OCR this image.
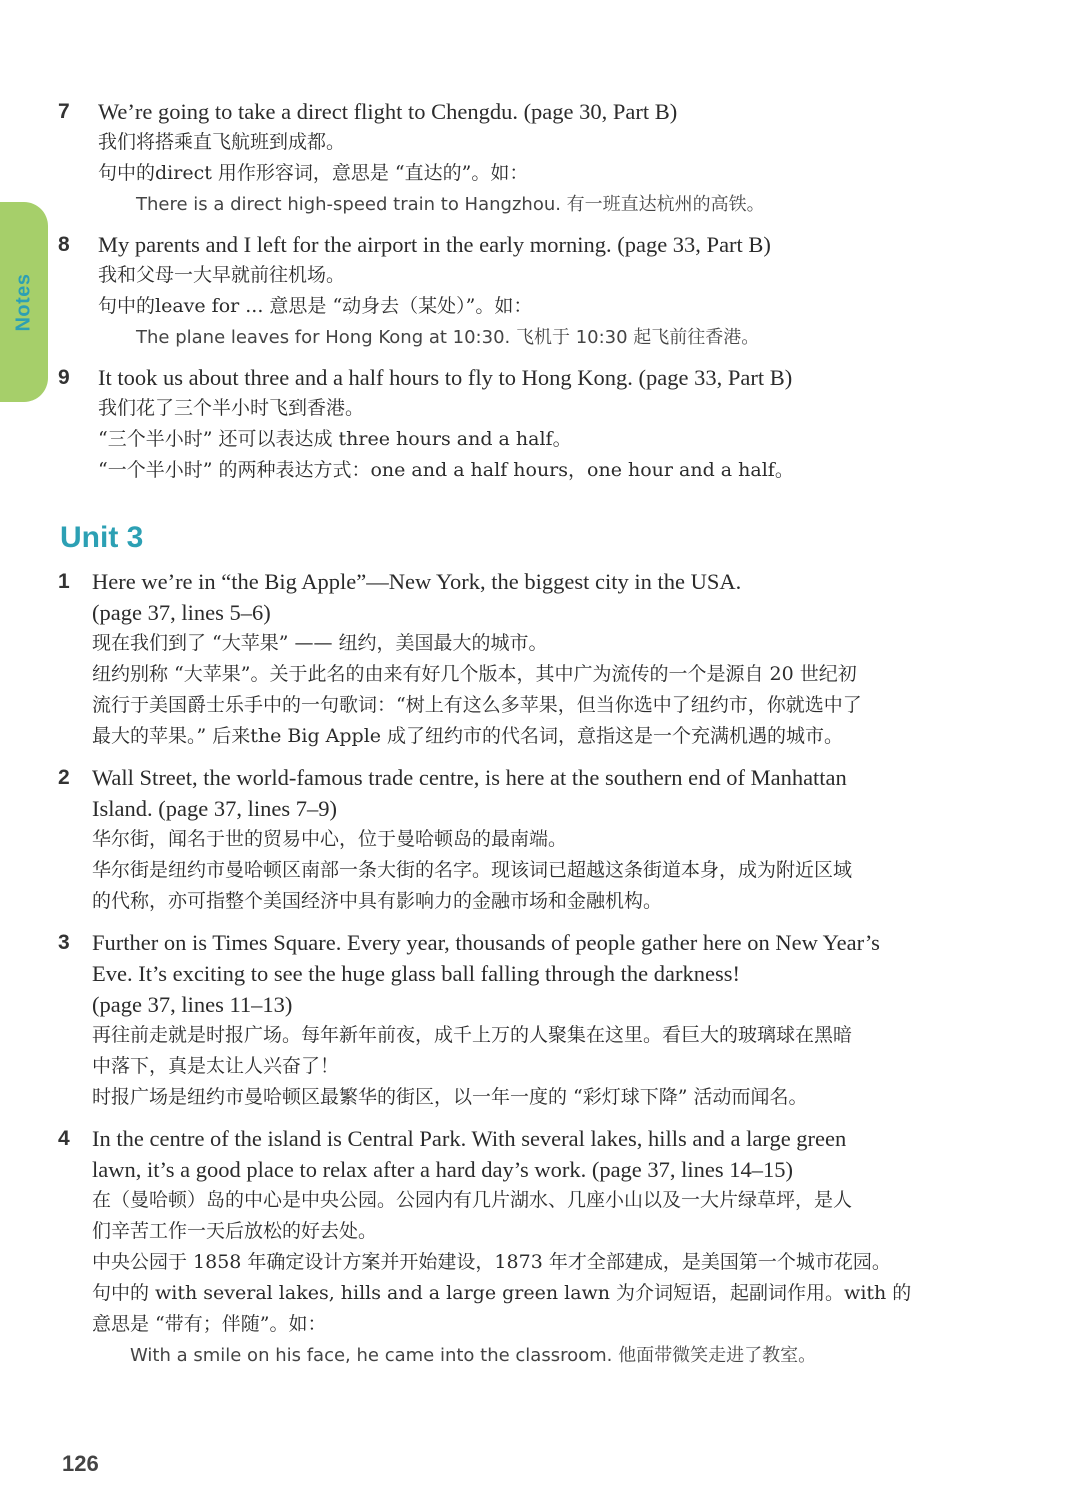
Notes
7	We’re going to take a direct flight to Chengdu. (page 30, Part B)
我们将搭乘直飞航班到成都。
句中的direct 用作形容词，意思是 “直达的”。如：
There is a direct high-speed train to Hangzhou. 有一班直达杭州的高铁。
8	My parents and I left for the airport in the early morning. (page 33, Part B)
我和父母一大早就前往机场。
句中的leave for ... 意思是 “动身去（某处）”。如：
The plane leaves for Hong Kong at 10:30. 飞机于 10:30 起飞前往香港。
9	It took us about three and a half hours to fly to Hong Kong. (page 33, Part B)
我们花了三个半小时飞到香港。
“三个半小时” 还可以表达成 three hours and a half。
“一个半小时” 的两种表达方式：one and a half hours，one hour and a half。
Unit 3
1 Here we’re in “the Big Apple”—New York, the biggest city in the USA.
(page 37, lines 5–6)
现在我们到了 “大苹果” —— 纽约，美国最大的城市。
纽约别称 “大苹果”。关于此名的由来有好几个版本，其中广为流传的一个是源自 20 世纪初
流行于美国爵士乐手中的一句歌词：“树上有这么多苹果，但当你选中了纽约市，你就选中了
最大的苹果。” 后来the Big Apple 成了纽约市的代名词，意指这是一个充满机遇的城市。
2 Wall Street, the world-famous trade centre, is here at the southern end of Manhattan
Island. (page 37, lines 7–9)
华尔街，闻名于世的贸易中心，位于曼哈顿岛的最南端。
华尔街是纽约市曼哈顿区南部一条大街的名字。现该词已超越这条街道本身，成为附近区域
的代称，亦可指整个美国经济中具有影响力的金融市场和金融机构。
3 Further on is Times Square. Every year, thousands of people gather here on New Year’s
Eve. It’s exciting to see the huge glass ball falling through the darkness!
(page 37, lines 11–13)
再往前走就是时报广场。每年新年前夜，成千上万的人聚集在这里。看巨大的玻璃球在黑暗
中落下，真是太让人兴奋了！
时报广场是纽约市曼哈顿区最繁华的街区，以一年一度的 “彩灯球下降” 活动而闻名。
4 In the centre of the island is Central Park. With several lakes, hills and a large green
lawn, it’s a good place to relax after a hard day’s work. (page 37, lines 14–15)
在（曼哈顿）岛的中心是中央公园。公园内有几片湖水、几座小山以及一大片绿草坪，是人
们辛苦工作一天后放松的好去处。
中央公园于 1858 年确定设计方案并开始建设，1873 年才全部建成，是美国第一个城市花园。
句中的 with several lakes, hills and a large green lawn 为介词短语，起副词作用。with 的
意思是 “带有；伴随”。如：
With a smile on his face, he came into the classroom. 他面带微笑走进了教室。
126
